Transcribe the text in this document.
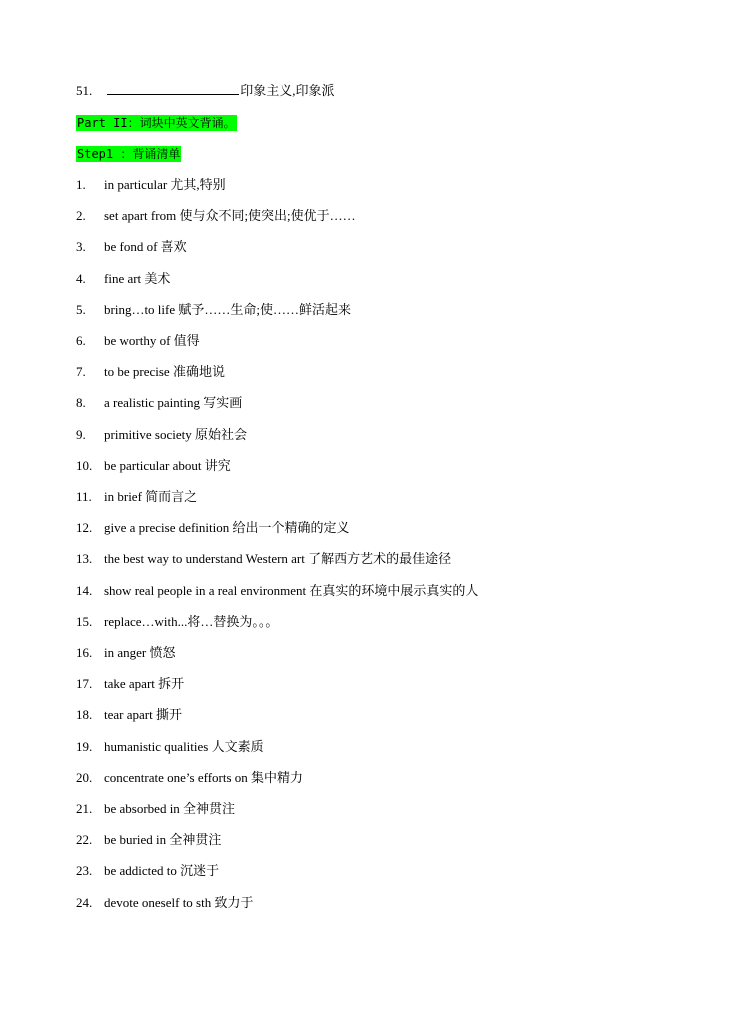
51.	印象主义,印象派
Part II：词块中英文背诵。
Step1 ：背诵清单
1. in particular 尤其,特别
2. set apart from 使与众不同;使突出;使优于……
3. be fond of 喜欢
4. fine art 美术
5. bring…to life 赋予……生命;使……鲜活起来
6. be worthy of 值得
7. to be precise 准确地说
8. a realistic painting 写实画
9. primitive society 原始社会
10. be particular about 讲究
11. in brief 简而言之
12. give a precise definition 给出一个精确的定义
13. the best way to understand Western art 了解西方艺术的最佳途径
14. show real people in a real environment 在真实的环境中展示真实的人
15. replace…with...将…替换为。。。
16. in anger 愤怒
17. take apart 拆开
18. tear apart 撕开
19. humanistic qualities 人文素质
20. concentrate one’s efforts on 集中精力
21. be absorbed in 全神贯注
22. be buried in 全神贯注
23. be addicted to 沉迷于
24. devote oneself to sth 致力于
